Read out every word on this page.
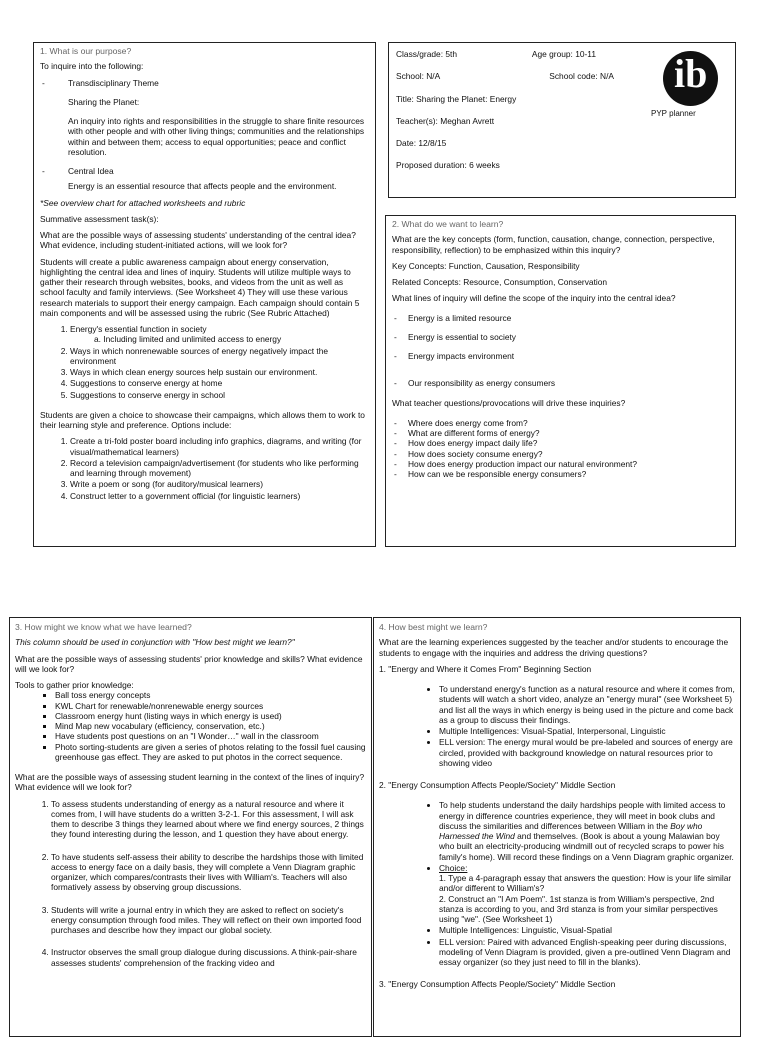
1. What is our purpose?

To inquire into the following:

- Transdisciplinary Theme
Sharing the Planet:
An inquiry into rights and responsibilities in the struggle to share finite resources with other people and with other living things; communities and the relationships within and between them; access to equal opportunities; peace and conflict resolution.
- Central Idea

Energy is an essential resource that affects people and the environment.

*See overview chart for attached worksheets and rubric

Summative assessment task(s):

What are the possible ways of assessing students' understanding of the central idea? What evidence, including student-initiated actions, will we look for?

Students will create a public awareness campaign about energy conservation, highlighting the central idea and lines of inquiry. Students will utilize multiple ways to gather their research through websites, books, and videos from the unit as well as school faculty and family interviews. (See Worksheet 4) They will use these various research materials to support their energy campaign. Each campaign should contain 5 main components and will be assessed using the rubric (See Rubric Attached)

1. Energy's essential function in society
a. Including limited and unlimited access to energy
2. Ways in which nonrenewable sources of energy negatively impact the environment
3. Ways in which clean energy sources help sustain our environment.
4. Suggestions to conserve energy at home
5. Suggestions to conserve energy in school

Students are given a choice to showcase their campaigns, which allows them to work to their learning style and preference. Options include:

1. Create a tri-fold poster board including info graphics, diagrams, and writing (for visual/mathematical learners)
2. Record a television campaign/advertisement (for students who like performing and learning through movement)
3. Write a poem or song (for auditory/musical learners)
4. Construct letter to a government official (for linguistic learners)
Class/grade: 5th	Age group: 10-11
School: N/A	School code: N/A

Title: Sharing the Planet: Energy

Teacher(s): Meghan Avrett

Date: 12/8/15

Proposed duration: 6 weeks

ib
PYP planner
2. What do we want to learn?

What are the key concepts (form, function, causation, change, connection, perspective, responsibility, reflection) to be emphasized within this inquiry?

Key Concepts: Function, Causation, Responsibility

Related Concepts: Resource, Consumption, Conservation

What lines of inquiry will define the scope of the inquiry into the central idea?

- Energy is a limited resource
- Energy is essential to society
- Energy impacts environment
- Our responsibility as energy consumers

What teacher questions/provocations will drive these inquiries?

- Where does energy come from?
- What are different forms of energy?
- How does energy impact daily life?
- How does society consume energy?
- How does energy production impact our natural environment?
- How can we be responsible energy consumers?
3. How might we know what we have learned?

This column should be used in conjunction with "How best might we learn?"

What are the possible ways of assessing students' prior knowledge and skills? What evidence will we look for?

Tools to gather prior knowledge:

▪ Ball toss energy concepts
▪ KWL Chart for renewable/nonrenewable energy sources
▪ Classroom energy hunt (listing ways in which energy is used)
▪ Mind Map new vocabulary (efficiency, conservation, etc.)
▪ Have students post questions on an "I Wonder…" wall in the classroom
▪ Photo sorting-students are given a series of photos relating to the fossil fuel causing greenhouse gas effect. They are asked to put photos in the correct sequence.

What are the possible ways of assessing student learning in the context of the lines of inquiry? What evidence will we look for?

1. To assess students understanding of energy as a natural resource and where it comes from, I will have students do a written 3-2-1. For this assessment, I will ask them to describe 3 things they learned about where we find energy sources, 2 things they found interesting during the lesson, and 1 question they have about energy.
2. To have students self-assess their ability to describe the hardships those with limited access to energy face on a daily basis, they will complete a Venn Diagram graphic organizer, which compares/contrasts their lives with William's. Teachers will also formatively assess by observing group discussions.
3. Students will write a journal entry in which they are asked to reflect on society's energy consumption through food miles. They will reflect on their own imported food purchases and describe how they impact our global society.
4. Instructor observes the small group dialogue during discussions. A think-pair-share assesses students' comprehension of the fracking video and
4. How best might we learn?

What are the learning experiences suggested by the teacher and/or students to encourage the students to engage with the inquiries and address the driving questions?

1. "Energy and Where it Comes From" Beginning Section

• To understand energy's function as a natural resource and where it comes from, students will watch a short video, analyze an "energy mural" (see Worksheet 5) and list all the ways in which energy is being used in the picture and come back as a group to discuss their findings.
• Multiple Intelligences: Visual-Spatial, Interpersonal, Linguistic
• ELL version: The energy mural would be pre-labeled and sources of energy are circled, provided with background knowledge on natural resources prior to showing video

2. "Energy Consumption Affects People/Society" Middle Section

• To help students understand the daily hardships people with limited access to energy in difference countries experience, they will meet in book clubs and discuss the similarities and differences between William in the Boy who Harnessed the Wind and themselves. (Book is about a young Malawian boy who built an electricity-producing windmill out of recycled scraps to power his family's home). Will record these findings on a Venn Diagram graphic organizer.
• Choice:
1. Type a 4-paragraph essay that answers the question: How is your life similar and/or different to William's?
2. Construct an "I Am Poem". 1st stanza is from William's perspective, 2nd stanza is according to you, and 3rd stanza is from your similar perspectives using "we". (See Worksheet 1)
• Multiple Intelligences: Linguistic, Visual-Spatial
• ELL version: Paired with advanced English-speaking peer during discussions, modeling of Venn Diagram is provided, given a pre-outlined Venn Diagram and essay organizer (so they just need to fill in the blanks).

3. "Energy Consumption Affects People/Society" Middle Section
